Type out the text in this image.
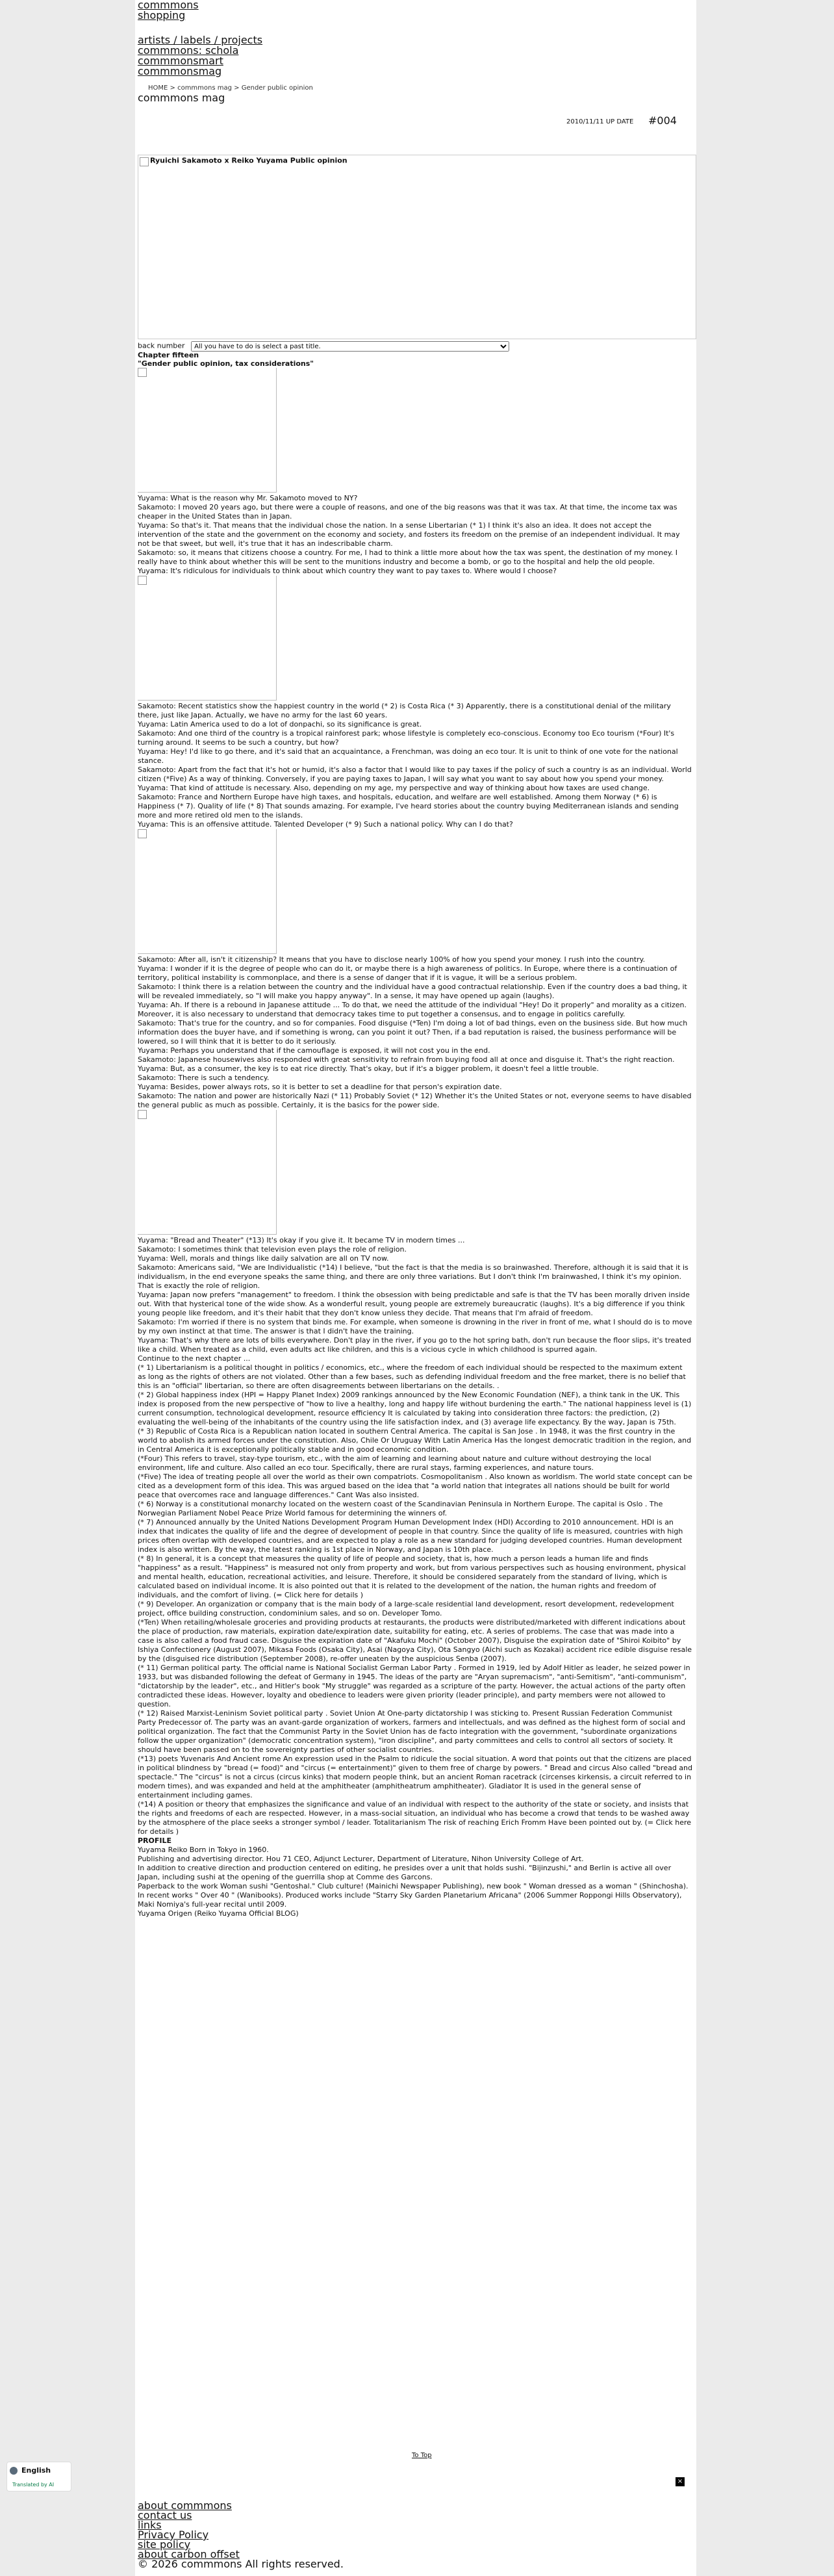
commmons
shopping
artists / labels / projects
commmons: schola
commmonsmart
commmonsmag
HOME > commmons mag > Gender public opinion
commmons mag
2010/11/11 UP DATE #004
Ryuichi Sakamoto x Reiko Yuyama Public opinion
back number
All you have to do is select a past title.
Chapter fifteen
"Gender public opinion, tax considerations"

Yuyama: What is the reason why Mr. Sakamoto moved to NY?

Sakamoto: I moved 20 years ago, but there were a couple of reasons, and one of the big reasons was that it was tax. At that time, the income tax was cheaper in the United States than in Japan.

Yuyama: So that's it. That means that the individual chose the nation. In a sense Libertarian (* 1) I think it's also an idea. It does not accept the intervention of the state and the government on the economy and society, and fosters its freedom on the premise of an independent individual. It may not be that sweet, but well, it's true that it has an indescribable charm.

Sakamoto: so, it means that citizens choose a country. For me, I had to think a little more about how the tax was spent, the destination of my money. I really have to think about whether this will be sent to the munitions industry and become a bomb, or go to the hospital and help the old people.

Yuyama: It's ridiculous for individuals to think about which country they want to pay taxes to. Where would I choose?

Sakamoto: Recent statistics show the happiest country in the world (* 2) is Costa Rica (* 3) Apparently, there is a constitutional denial of the military there, just like Japan. Actually, we have no army for the last 60 years.

Yuyama: Latin America used to do a lot of donpachi, so its significance is great.

Sakamoto: And one third of the country is a tropical rainforest park; whose lifestyle is completely eco-conscious. Economy too Eco tourism (*Four) It's turning around. It seems to be such a country, but how?

Yuyama: Hey! I'd like to go there, and it's said that an acquaintance, a Frenchman, was doing an eco tour. It is unit to think of one vote for the national stance.

Sakamoto: Apart from the fact that it's hot or humid, it's also a factor that I would like to pay taxes if the policy of such a country is as an individual. World citizen (*Five) As a way of thinking. Conversely, if you are paying taxes to Japan, I will say what you want to say about how you spend your money.

Yuyama: That kind of attitude is necessary. Also, depending on my age, my perspective and way of thinking about how taxes are used change.

Sakamoto: France and Northern Europe have high taxes, and hospitals, education, and welfare are well established. Among them Norway (* 6) is Happiness (* 7). Quality of life (* 8) That sounds amazing. For example, I've heard stories about the country buying Mediterranean islands and sending more and more retired old men to the islands.

Yuyama: This is an offensive attitude. Talented Developer (* 9) Such a national policy. Why can I do that?

Sakamoto: After all, isn't it citizenship? It means that you have to disclose nearly 100% of how you spend your money. I rush into the country.

Yuyama: I wonder if it is the degree of people who can do it, or maybe there is a high awareness of politics. In Europe, where there is a continuation of territory, political instability is commonplace, and there is a sense of danger that if it is vague, it will be a serious problem.

Sakamoto: I think there is a relation between the country and the individual have a good contractual relationship. Even if the country does a bad thing, it will be revealed immediately, so "I will make you happy anyway". In a sense, it may have opened up again (laughs).

Yuyama: Ah. If there is a rebound in Japanese attitude ... To do that, we need the attitude of the individual "Hey! Do it properly" and morality as a citizen. Moreover, it is also necessary to understand that democracy takes time to put together a consensus, and to engage in politics carefully.

Sakamoto: That's true for the country, and so for companies. Food disguise (*Ten) I'm doing a lot of bad things, even on the business side. But how much information does the buyer have, and if something is wrong, can you point it out? Then, if a bad reputation is raised, the business performance will be lowered, so I will think that it is better to do it seriously.

Yuyama: Perhaps you understand that if the camouflage is exposed, it will not cost you in the end.

Sakamoto: Japanese housewives also responded with great sensitivity to refrain from buying food all at once and disguise it. That's the right reaction.

Yuyama: But, as a consumer, the key is to eat rice directly. That's okay, but if it's a bigger problem, it doesn't feel a little trouble.

Sakamoto: There is such a tendency.

Yuyama: Besides, power always rots, so it is better to set a deadline for that person's expiration date.

Sakamoto: The nation and power are historically Nazi (* 11) Probably Soviet (* 12) Whether it's the United States or not, everyone seems to have disabled the general public as much as possible. Certainly, it is the basics for the power side.

Yuyama: "Bread and Theater" (*13) It's okay if you give it. It became TV in modern times ...

Sakamoto: I sometimes think that television even plays the role of religion.

Yuyama: Well, morals and things like daily salvation are all on TV now.

Sakamoto: Americans said, "We are Individualistic (*14) I believe, "but the fact is that the media is so brainwashed. Therefore, although it is said that it is individualism, in the end everyone speaks the same thing, and there are only three variations. But I don't think I'm brainwashed, I think it's my opinion. That is exactly the role of religion.

Yuyama: Japan now prefers "management" to freedom. I think the obsession with being predictable and safe is that the TV has been morally driven inside out. With that hysterical tone of the wide show. As a wonderful result, young people are extremely bureaucratic (laughs). It's a big difference if you think young people like freedom, and it's their habit that they don't know unless they decide. That means that I'm afraid of freedom.

Sakamoto: I'm worried if there is no system that binds me. For example, when someone is drowning in the river in front of me, what I should do is to move by my own instinct at that time. The answer is that I didn't have the training.

Yuyama: That's why there are lots of bills everywhere. Don't play in the river, if you go to the hot spring bath, don't run because the floor slips, it's treated like a child. When treated as a child, even adults act like children, and this is a vicious cycle in which childhood is spurred again.

Continue to the next chapter ...

(* 1) Libertarianism is a political thought in politics / economics, etc., where the freedom of each individual should be respected to the maximum extent as long as the rights of others are not violated. Other than a few bases, such as defending individual freedom and the free market, there is no belief that this is an "official" libertarian, so there are often disagreements between libertarians on the details. .

(* 2) Global happiness index (HPI = Happy Planet Index) 2009 rankings announced by the New Economic Foundation (NEF), a think tank in the UK. This index is proposed from the new perspective of "how to live a healthy, long and happy life without burdening the earth." The national happiness level is (1) current consumption, technological development, resource efficiency It is calculated by taking into consideration three factors: the prediction, (2) evaluating the well-being of the inhabitants of the country using the life satisfaction index, and (3) average life expectancy. By the way, Japan is 75th.

(* 3) Republic of Costa Rica is a Republican nation located in southern Central America. The capital is San Jose . In 1948, it was the first country in the world to abolish its armed forces under the constitution. Also, Chile Or Uruguay With Latin America Has the longest democratic tradition in the region, and in Central America it is exceptionally politically stable and in good economic condition.

(*Four) This refers to travel, stay-type tourism, etc., with the aim of learning and learning about nature and culture without destroying the local environment, life and culture. Also called an eco tour. Specifically, there are rural stays, farming experiences, and nature tours.

(*Five) The idea of treating people all over the world as their own compatriots. Cosmopolitanism . Also known as worldism. The world state concept can be cited as a development form of this idea. This was argued based on the idea that "a world nation that integrates all nations should be built for world peace that overcomes race and language differences." Cant Was also insisted.

(* 6) Norway is a constitutional monarchy located on the western coast of the Scandinavian Peninsula in Northern Europe. The capital is Oslo . The Norwegian Parliament Nobel Peace Prize World famous for determining the winners of.

(* 7) Announced annually by the United Nations Development Program Human Development Index (HDI) According to 2010 announcement. HDI is an index that indicates the quality of life and the degree of development of people in that country. Since the quality of life is measured, countries with high prices often overlap with developed countries, and are expected to play a role as a new standard for judging developed countries. Human development index is also written. By the way, the latest ranking is 1st place in Norway, and Japan is 10th place.

(* 8) In general, it is a concept that measures the quality of life of people and society, that is, how much a person leads a human life and finds "happiness" as a result. "Happiness" is measured not only from property and work, but from various perspectives such as housing environment, physical and mental health, education, recreational activities, and leisure. Therefore, it should be considered separately from the standard of living, which is calculated based on individual income. It is also pointed out that it is related to the development of the nation, the human rights and freedom of individuals, and the comfort of living. (= Click here for details )

(* 9) Developer. An organization or company that is the main body of a large-scale residential land development, resort development, redevelopment project, office building construction, condominium sales, and so on. Developer Tomo.

(*Ten) When retailing/wholesale groceries and providing products at restaurants, the products were distributed/marketed with different indications about the place of production, raw materials, expiration date/expiration date, suitability for eating, etc. A series of problems. The case that was made into a case is also called a food fraud case. Disguise the expiration date of "Akafuku Mochi" (October 2007), Disguise the expiration date of "Shiroi Koibito" by Ishiya Confectionery (August 2007), Mikasa Foods (Osaka City), Asai (Nagoya City), Ota Sangyo (Aichi such as Kozakai) accident rice edible disguise resale by the (disguised rice distribution (September 2008), re-offer uneaten by the auspicious Senba (2007).

(* 11) German political party. The official name is National Socialist German Labor Party . Formed in 1919, led by Adolf Hitler as leader, he seized power in 1933, but was disbanded following the defeat of Germany in 1945. The ideas of the party are "Aryan supremacism", "anti-Semitism", "anti-communism", "dictatorship by the leader", etc., and Hitler's book "My struggle" was regarded as a scripture of the party. However, the actual actions of the party often contradicted these ideas. However, loyalty and obedience to leaders were given priority (leader principle), and party members were not allowed to question.

(* 12) Raised Marxist-Leninism Soviet political party . Soviet Union At One-party dictatorship I was sticking to. Present Russian Federation Communist Party Predecessor of. The party was an avant-garde organization of workers, farmers and intellectuals, and was defined as the highest form of social and political organization. The fact that the Communist Party in the Soviet Union has de facto integration with the government, "subordinate organizations follow the upper organization" (democratic concentration system), "iron discipline", and party committees and cells to control all sectors of society. It should have been passed on to the sovereignty parties of other socialist countries.

(*13) poets Yuvenaris And Ancient rome An expression used in the Psalm to ridicule the social situation. A word that points out that the citizens are placed in political blindness by "bread (= food)" and "circus (= entertainment)" given to them free of charge by powers. " Bread and circus Also called "bread and spectacle." The "circus" is not a circus (circus kinks) that modern people think, but an ancient Roman racetrack (circenses kirkensis, a circuit referred to in modern times), and was expanded and held at the amphitheater (amphitheatrum amphitheater). Gladiator It is used in the general sense of entertainment including games.

(*14) A position or theory that emphasizes the significance and value of an individual with respect to the authority of the state or society, and insists that the rights and freedoms of each are respected. However, in a mass-social situation, an individual who has become a crowd that tends to be washed away by the atmosphere of the place seeks a stronger symbol / leader. Totalitarianism The risk of reaching Erich Fromm Have been pointed out by. (= Click here for details )

PROFILE

Yuyama Reiko Born in Tokyo in 1960.

Publishing and advertising director. Hou 71 CEO, Adjunct Lecturer, Department of Literature, Nihon University College of Art.

In addition to creative direction and production centered on editing, he presides over a unit that holds sushi. "Bijinzushi," and Berlin is active all over Japan, including sushi at the opening of the guerrilla shop at Comme des Garcons.

Paperback to the work Woman sushi "Gentoshal." Club culture! (Mainichi Newspaper Publishing), new book " Woman dressed as a woman " (Shinchosha). In recent works " Over 40 " (Wanibooks). Produced works include "Starry Sky Garden Planetarium Africana" (2006 Summer Roppongi Hills Observatory), Maki Nomiya's full-year recital until 2009.

Yuyama Origen (Reiko Yuyama Official BLOG)

To Top
×
about commmons
contact us
links
Privacy Policy
site policy
about carbon offset
© 2026 commmons All rights reserved.
English
Translated by AI
